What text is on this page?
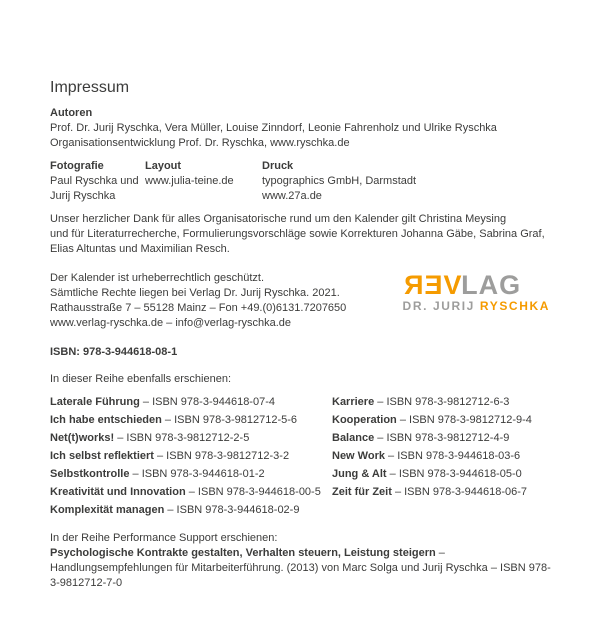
Impressum
Autoren
Prof. Dr. Jurij Ryschka, Vera Müller, Louise Zinndorf, Leonie Fahrenholz und Ulrike Ryschka
Organisationsentwicklung Prof. Dr. Ryschka, www.ryschka.de
Fotografie
Paul Ryschka und
Jurij Ryschka
Layout
www.julia-teine.de
Druck
typographics GmbH, Darmstadt
www.27a.de
Unser herzlicher Dank für alles Organisatorische rund um den Kalender gilt Christina Meysing
und für Literaturrecherche, Formulierungsvorschläge sowie Korrekturen Johanna Gäbe, Sabrina Graf,
Elias Altuntas und Maximilian Resch.
Der Kalender ist urheberrechtlich geschützt.
Sämtliche Rechte liegen bei Verlag Dr. Jurij Ryschka. 2021.
Rathausstraße 7 – 55128 Mainz – Fon +49.(0)6131.7207650
www.verlag-ryschka.de – info@verlag-ryschka.de
VERLAG
DR. JURIJ RYSCHKA
ISBN: 978-3-944618-08-1
In dieser Reihe ebenfalls erschienen:
Laterale Führung – ISBN 978-3-944618-07-4
Ich habe entschieden – ISBN 978-3-9812712-5-6
Net(t)works! – ISBN 978-3-9812712-2-5
Ich selbst reflektiert – ISBN 978-3-9812712-3-2
Selbstkontrolle – ISBN 978-3-944618-01-2
Kreativität und Innovation – ISBN 978-3-944618-00-5
Komplexität managen – ISBN 978-3-944618-02-9
Karriere – ISBN 978-3-9812712-6-3
Kooperation – ISBN 978-3-9812712-9-4
Balance – ISBN 978-3-9812712-4-9
New Work – ISBN 978-3-944618-03-6
Jung & Alt – ISBN 978-3-944618-05-0
Zeit für Zeit – ISBN 978-3-944618-06-7
In der Reihe Performance Support erschienen:
Psychologische Kontrakte gestalten, Verhalten steuern, Leistung steigern – Handlungsempfehlungen für Mitarbeiterführung. (2013) von Marc Solga und Jurij Ryschka – ISBN 978-3-9812712-7-0
